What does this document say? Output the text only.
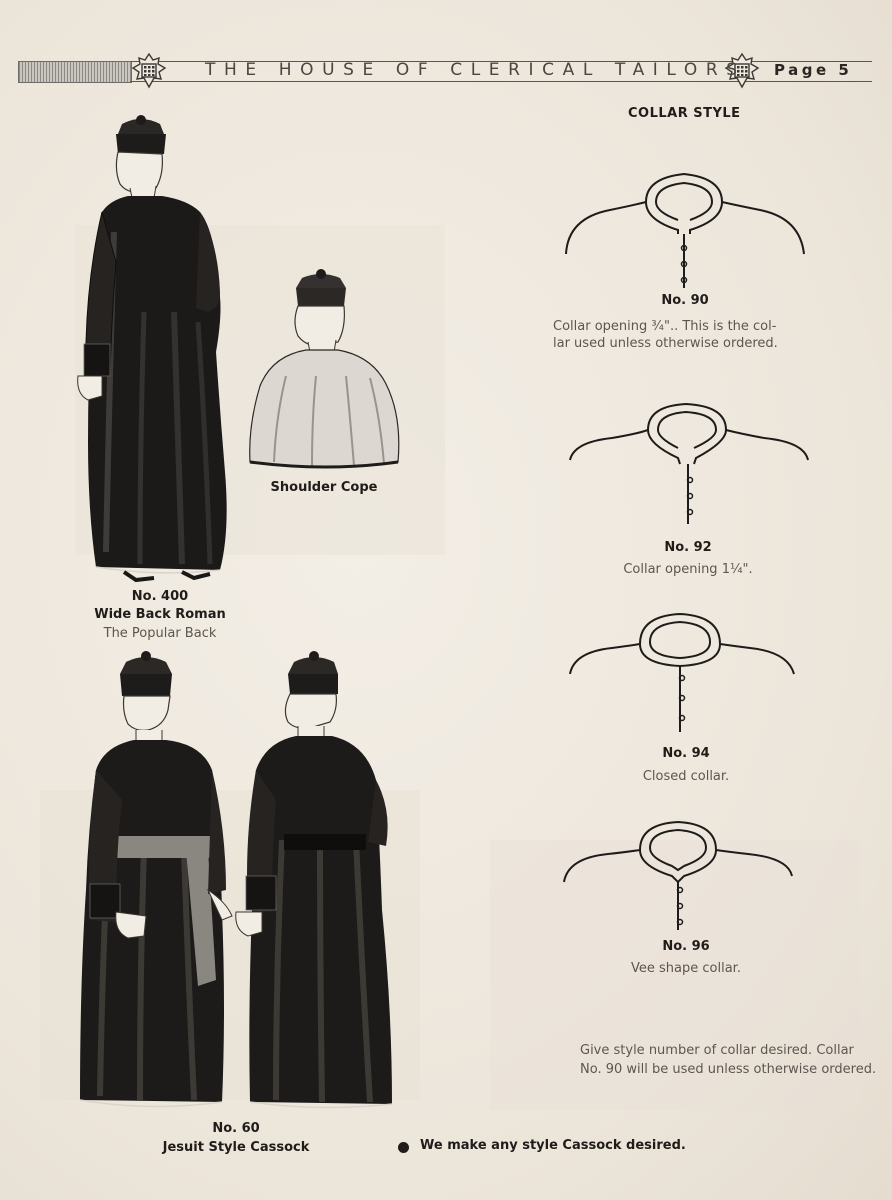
THE HOUSE OF CLERICAL TAILORS Page 5
No. 400
Wide Back Roman
The Popular Back
Shoulder Cope
No. 60
Jesuit Style Cassock	We make any style Cassock desired.
COLLAR STYLE
No. 90
Collar opening ¾".. This is the col-
lar used unless otherwise ordered.
No. 92
Collar opening 1¼".
No. 94
Closed collar.
No. 96
Vee shape collar.
Give style number of collar desired. Collar
No. 90 will be used unless otherwise ordered.
